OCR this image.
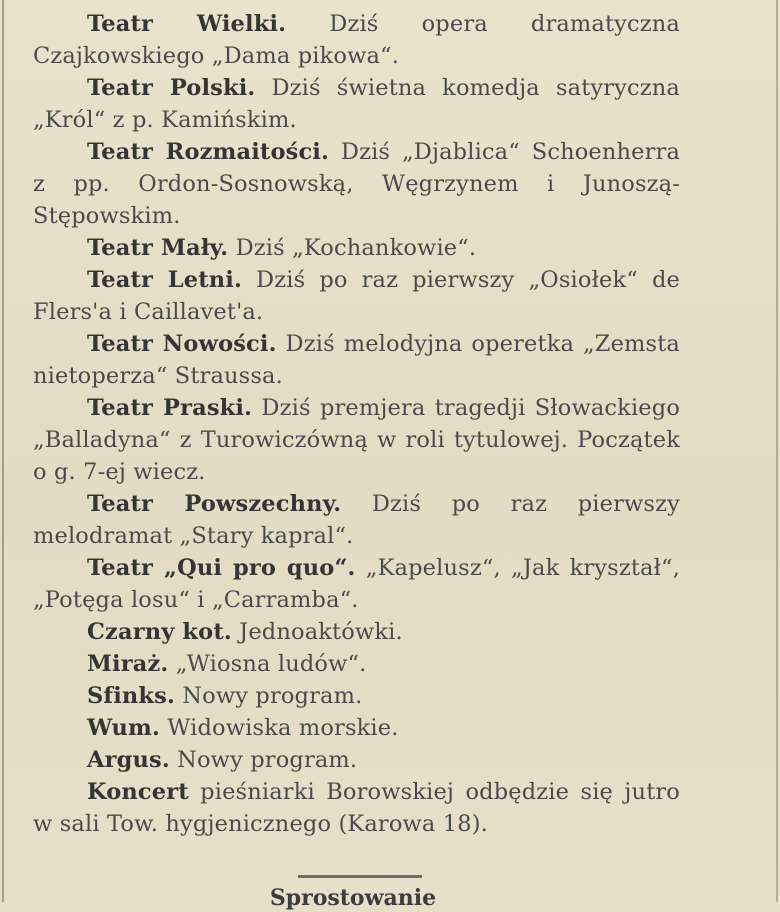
Teatr Wielki. Dziś opera dramatyczna Czajkowskiego „Dama pikowa“.

Teatr Polski. Dziś świetna komedja satyryczna „Król“ z p. Kamińskim.

Teatr Rozmaitości. Dziś „Djablica“ Schoenherra z pp. Ordon-Sosnowską, Węgrzynem i Junoszą-Stępowskim.

Teatr Mały. Dziś „Kochankowie“.

Teatr Letni. Dziś po raz pierwszy „Osiołek“ de Flers'a i Caillavet'a.

Teatr Nowości. Dziś melodyjna operetka „Zemsta nietoperza“ Straussa.

Teatr Praski. Dziś premjera tragedji Słowackiego „Balladyna“ z Turowiczówną w roli tytulowej. Początek o g. 7-ej wiecz.

Teatr Powszechny. Dziś po raz pierwszy melodramat „Stary kapral“.

Teatr „Qui pro quo“. „Kapelusz“, „Jak kryształ“, „Potęga losu“ i „Carramba“.

Czarny kot. Jednoaktówki.

Miraż. „Wiosna ludów“.

Sfinks. Nowy program.

Wum. Widowiska morskie.

Argus. Nowy program.

Koncert pieśniarki Borowskiej odbędzie się jutro w sali Tow. hygjenicznego (Karowa 18).

Sprostowanie
